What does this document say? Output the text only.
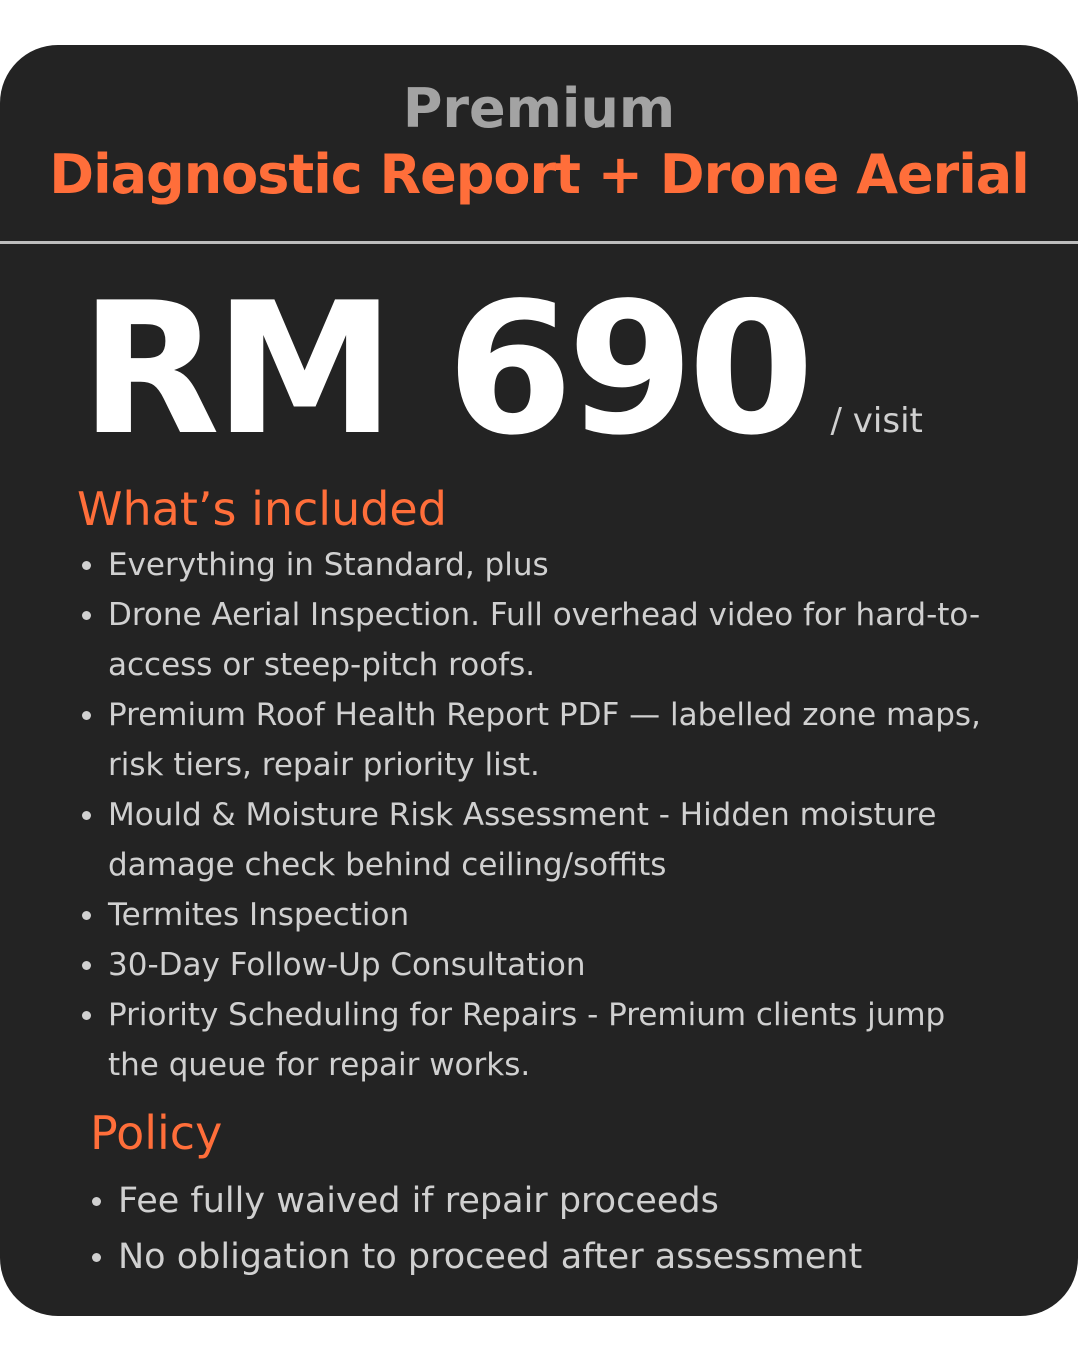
Premium
Diagnostic Report + Drone Aerial
RM 690 / visit
What’s included
Everything in Standard, plus
Drone Aerial Inspection. Full overhead video for hard-to-access or steep-pitch roofs.
Premium Roof Health Report PDF — labelled zone maps, risk tiers, repair priority list.
Mould & Moisture Risk Assessment - Hidden moisture damage check behind ceiling/soffits
Termites Inspection
30-Day Follow-Up Consultation
Priority Scheduling for Repairs - Premium clients jump the queue for repair works.
Policy
Fee fully waived if repair proceeds
No obligation to proceed after assessment
